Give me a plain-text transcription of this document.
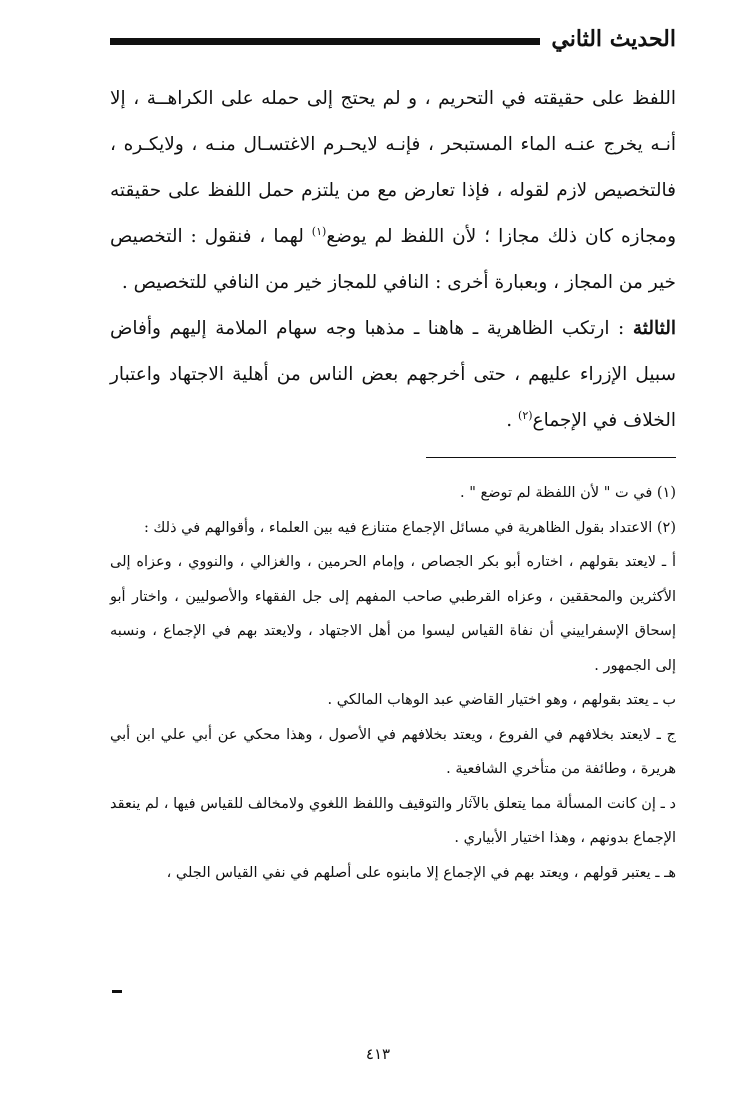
الحديث الثاني

اللفظ على حقيقته في التحريم ، و لم يحتج إلى حمله على الكراهــة ، إلا أنـه يخرج عنـه الماء المستبحر ، فإنـه لايحـرم الاغتسـال منـه ، ولايكـره ، فالتخصيص لازم لقوله ، فإذا تعارض مع من يلتزم حمل اللفظ على حقيقته ومجازه كان ذلك مجازا ؛ لأن اللفظ لم يوضع$^{(١)}$ لهما ، فنقول : التخصيص خير من المجاز ، وبعبارة أخرى : النافي للمجاز خير من النافي للتخصيص .

الثالثة : ارتكب الظاهرية ـ هاهنا ـ مذهبا وجه سهام الملامة إليهم وأفاض سبيل الإزراء عليهم ، حتى أخرجهم بعض الناس من أهلية الاجتهاد واعتبار الخلاف في الإجماع$^{(٢)}$ .

(١) في ت " لأن اللفظة لم توضع " .

(٢) الاعتداد بقول الظاهرية في مسائل الإجماع متنازع فيه بين العلماء ، وأقوالهم في ذلك :

أ ـ لايعتد بقولهم ، اختاره أبو بكر الجصاص ، وإمام الحرمين ، والغزالي ، والنووي ، وعزاه إلى الأكثرين والمحققين ، وعزاه القرطبي صاحب المفهم إلى جل الفقهاء والأصوليين ، واختار أبو إسحاق الإسفراييني أن نفاة القياس ليسوا من أهل الاجتهاد ، ولايعتد بهم في الإجماع ، ونسبه إلى الجمهور .

ب ـ يعتد بقولهم ، وهو اختيار القاضي عبد الوهاب المالكي .

ج ـ لايعتد بخلافهم في الفروع ، ويعتد بخلافهم في الأصول ، وهذا محكي عن أبي علي ابن أبي هريرة ، وطائفة من متأخري الشافعية .

د ـ إن كانت المسألة مما يتعلق بالآثار والتوقيف واللفظ اللغوي ولامخالف للقياس فيها ، لم ينعقد الإجماع بدونهم ، وهذا اختيار الأبياري .

هـ ـ يعتبر قولهم ، ويعتد بهم في الإجماع إلا مابنوه على أصلهم في نفي القياس الجلي ،

٤١٣
